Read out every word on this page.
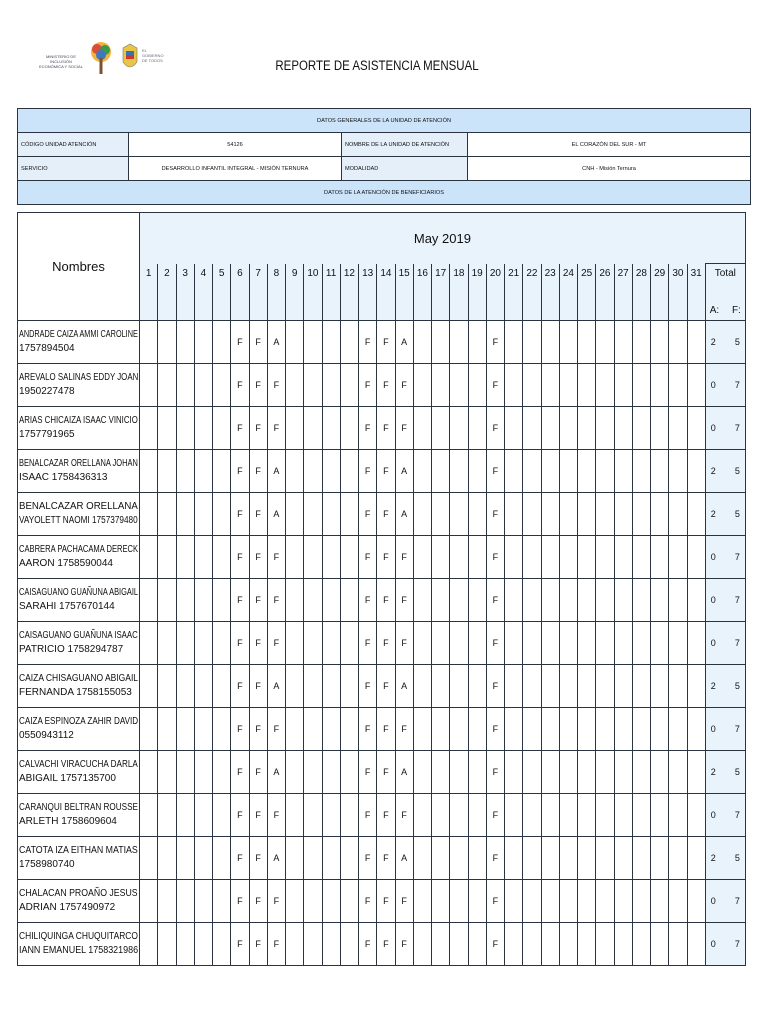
MINISTERIO DE INCLUSIÓN ECONÓMICA Y SOCIAL
EL GOBIERNO DE TODOS	REPORTE DE ASISTENCIA MENSUAL
DATOS GENERALES DE LA UNIDAD DE ATENCIÓN			
CÓDIGO UNIDAD ATENCIÓN	54126	NOMBRE DE LA UNIDAD DE ATENCIÓN	EL CORAZÓN DEL SUR - MT
SERVICIO	DESARROLLO INFANTIL INTEGRAL - MISIÓN TERNURA	MODALIDAD	CNH - Misión Ternura
DATOS DE LA ATENCIÓN DE BENEFICIARIOS			
Nombres	May 2019																															
	1	2	3	4	5	6	7	8	9	10	11	12	13	14	15	16	17	18	19	20	21	22	23	24	25	26	27	28	29	30	31	Total
A: F:

ANDRADE CAIZA AMMI CAROLINE
1757894504						F	F	A					F	F	A					F												2 5

AREVALO SALINAS EDDY JOAN
1950227478						F	F	F					F	F	F					F												0 7

ARIAS CHICAIZA ISAAC VINICIO
1757791965						F	F	F					F	F	F					F												0 7

BENALCAZAR ORELLANA JOHAN
ISAAC 1758436313						F	F	A					F	F	A					F												2 5

BENALCAZAR ORELLANA
VAYOLETT NAOMI 1757379480						F	F	A					F	F	A					F												2 5

CABRERA PACHACAMA DERECK
AARON 1758590044						F	F	F					F	F	F					F												0 7

CAISAGUANO GUAÑUNA ABIGAIL
SARAHI 1757670144						F	F	F					F	F	F					F												0 7

CAISAGUANO GUAÑUNA ISAAC
PATRICIO 1758294787						F	F	F					F	F	F					F												0 7

CAIZA CHISAGUANO ABIGAIL
FERNANDA 1758155053						F	F	A					F	F	A					F												2 5

CAIZA ESPINOZA ZAHIR DAVID
0550943112						F	F	F					F	F	F					F												0 7

CALVACHI VIRACUCHA DARLA
ABIGAIL 1757135700						F	F	A					F	F	A					F												2 5

CARANQUI BELTRAN ROUSSE
ARLETH 1758609604						F	F	F					F	F	F					F												0 7

CATOTA IZA EITHAN MATIAS
1758980740						F	F	A					F	F	A					F												2 5

CHALACAN PROAÑO JESUS
ADRIAN 1757490972						F	F	F					F	F	F					F												0 7

CHILIQUINGA CHUQUITARCO
IANN EMANUEL 1758321986						F	F	F					F	F	F					F												0 7
